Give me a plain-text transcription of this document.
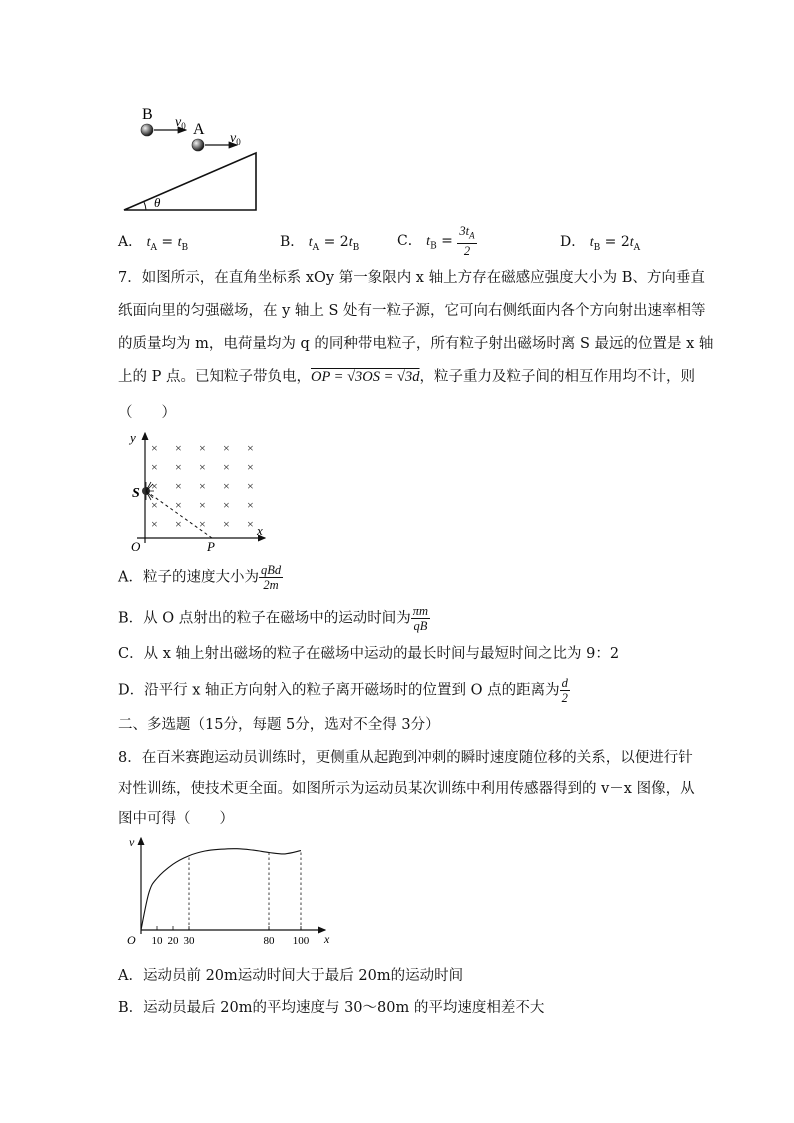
θ
B $v_0$ A
$v_0$
A． $t_A = t_B$	B． $t_A = 2t_B$	C． $t_B = \frac{3t_A}{2}$	D． $t_B = 2t_A$
7．如图所示，在直角坐标系 xOy 第一象限内 x 轴上方存在磁感应强度大小为 B、方向垂直
纸面向里的匀强磁场，在 y 轴上 S 处有一粒子源，它可向右侧纸面内各个方向射出速率相等
的质量均为 m，电荷量均为 q 的同种带电粒子，所有粒子射出磁场时离 S 最远的位置是 x 轴
上的 P 点。已知粒子带负电，OP = √3OS = √3d，粒子重力及粒子间的相互作用均不计，则
（　　）
y
x
O
S
P
× × × × ×
× × × × ×
× × × × ×
× × × × ×
× × × × ×
A．粒子的速度大小为 $\frac{\text{qBd}}{2m}$
B．从 O 点射出的粒子在磁场中的运动时间为 $\frac{\pi m}{qB}$
C．从 x 轴上射出磁场的粒子在磁场中运动的最长时间与最短时间之比为 9：2
D．沿平行 x 轴正方向射入的粒子离开磁场时的位置到 O 点的距离为 $\frac{d}{2}$
二、多选题（15分，每题 5分，选对不全得 3分）
8．在百米赛跑运动员训练时，更侧重从起跑到冲刺的瞬时速度随位移的关系，以便进行针
对性训练，使技术更全面。如图所示为运动员某次训练中利用传感器得到的 v－x 图像，从
图中可得（　　）
v
x
O 10 20 30	80 100
A．运动员前 20m运动时间大于最后 20m的运动时间
B．运动员最后 20m的平均速度与 30～80m 的平均速度相差不大
